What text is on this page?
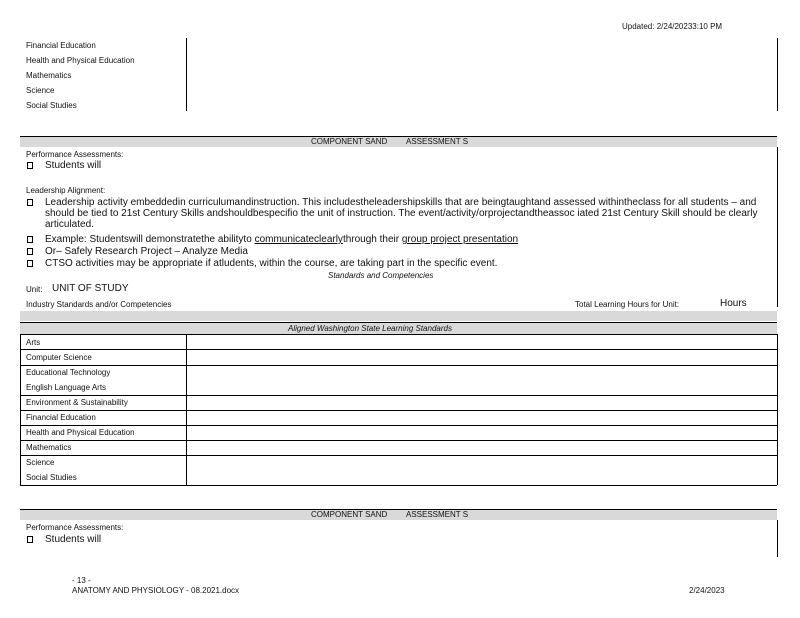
Updated: 2/24/20233:10 PM
Financial Education
Health and Physical Education
Mathematics
Science
Social Studies
COMPONENT SAND ASSESSMENT S
Performance Assessments:
Students will
Leadership Alignment:
Leadership activity embeddedin curriculumandinstruction. This includestheleadershipskills that are beingtaughtand assessed withintheclass for all students – and should be tied to 21st Century Skills andshouldbespecifio the unit of instruction. The event/activity/orprojectandtheassoc iated 21st Century Skill should be clearly articulated.
Example: Studentswill demonstratethe abilityto communicateclearlythrough their group project presentation
Or– Safely Research Project – Analyze Media
CTSO activities may be appropriate if atludents, within the course, are taking part in the specific event.
Standards and Competencies
Unit: UNIT OF STUDY
Industry Standards and/or Competencies	Total Learning Hours for Unit:	Hours
Aligned Washington State Learning Standards
Arts
Computer Science
Educational Technology
English Language Arts
Environment & Sustainability
Financial Education
Health and Physical Education
Mathematics
Science
Social Studies
COMPONENT SAND ASSESSMENT S
Performance Assessments:
Students will
- 13 -
ANATOMY AND PHYSIOLOGY - 08.2021.docx	2/24/2023
